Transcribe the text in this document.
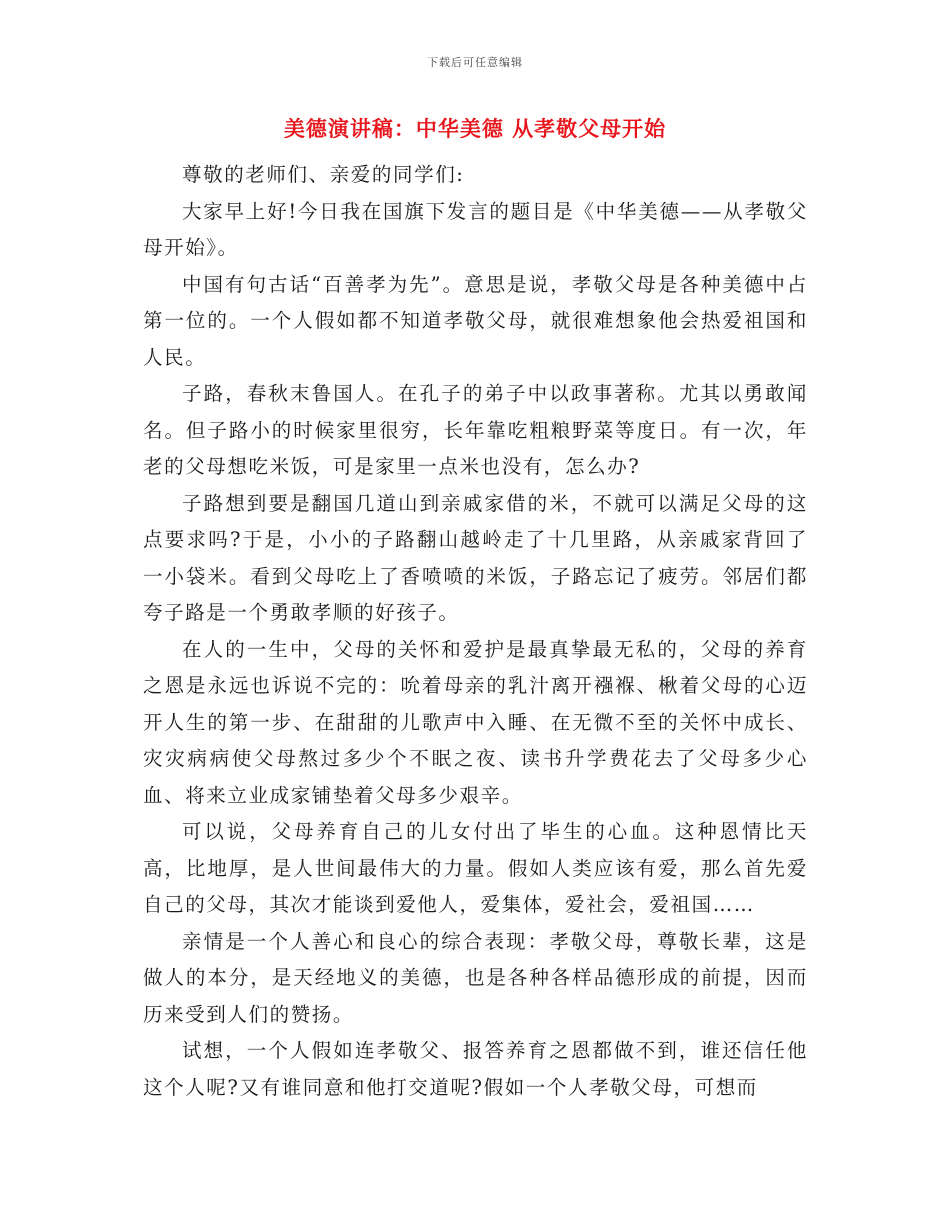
下载后可任意编辑
美德演讲稿：中华美德 从孝敬父母开始

尊敬的老师们、亲爱的同学们:

大家早上好!今日我在国旗下发言的题目是《中华美德——从孝敬父母开始》。

中国有句古话“百善孝为先”。意思是说，孝敬父母是各种美德中占第一位的。一个人假如都不知道孝敬父母，就很难想象他会热爱祖国和人民。

子路，春秋末鲁国人。在孔子的弟子中以政事著称。尤其以勇敢闻名。但子路小的时候家里很穷，长年靠吃粗粮野菜等度日。有一次，年老的父母想吃米饭，可是家里一点米也没有，怎么办?

子路想到要是翻国几道山到亲戚家借的米，不就可以满足父母的这点要求吗?于是，小小的子路翻山越岭走了十几里路，从亲戚家背回了一小袋米。看到父母吃上了香喷喷的米饭，子路忘记了疲劳。邻居们都夸子路是一个勇敢孝顺的好孩子。

在人的一生中，父母的关怀和爱护是最真挚最无私的，父母的养育之恩是永远也诉说不完的：吮着母亲的乳汁离开襁褓、楸着父母的心迈开人生的第一步、在甜甜的儿歌声中入睡、在无微不至的关怀中成长、灾灾病病使父母熬过多少个不眠之夜、读书升学费花去了父母多少心血、将来立业成家铺垫着父母多少艰辛。

可以说，父母养育自己的儿女付出了毕生的心血。这种恩情比天高，比地厚，是人世间最伟大的力量。假如人类应该有爱，那么首先爱自己的父母，其次才能谈到爱他人，爱集体，爱社会，爱祖国……

亲情是一个人善心和良心的综合表现：孝敬父母，尊敬长辈，这是做人的本分，是天经地义的美德，也是各种各样品德形成的前提，因而历来受到人们的赞扬。

试想，一个人假如连孝敬父、报答养育之恩都做不到，谁还信任他这个人呢?又有谁同意和他打交道呢?假如一个人孝敬父母，可想而
